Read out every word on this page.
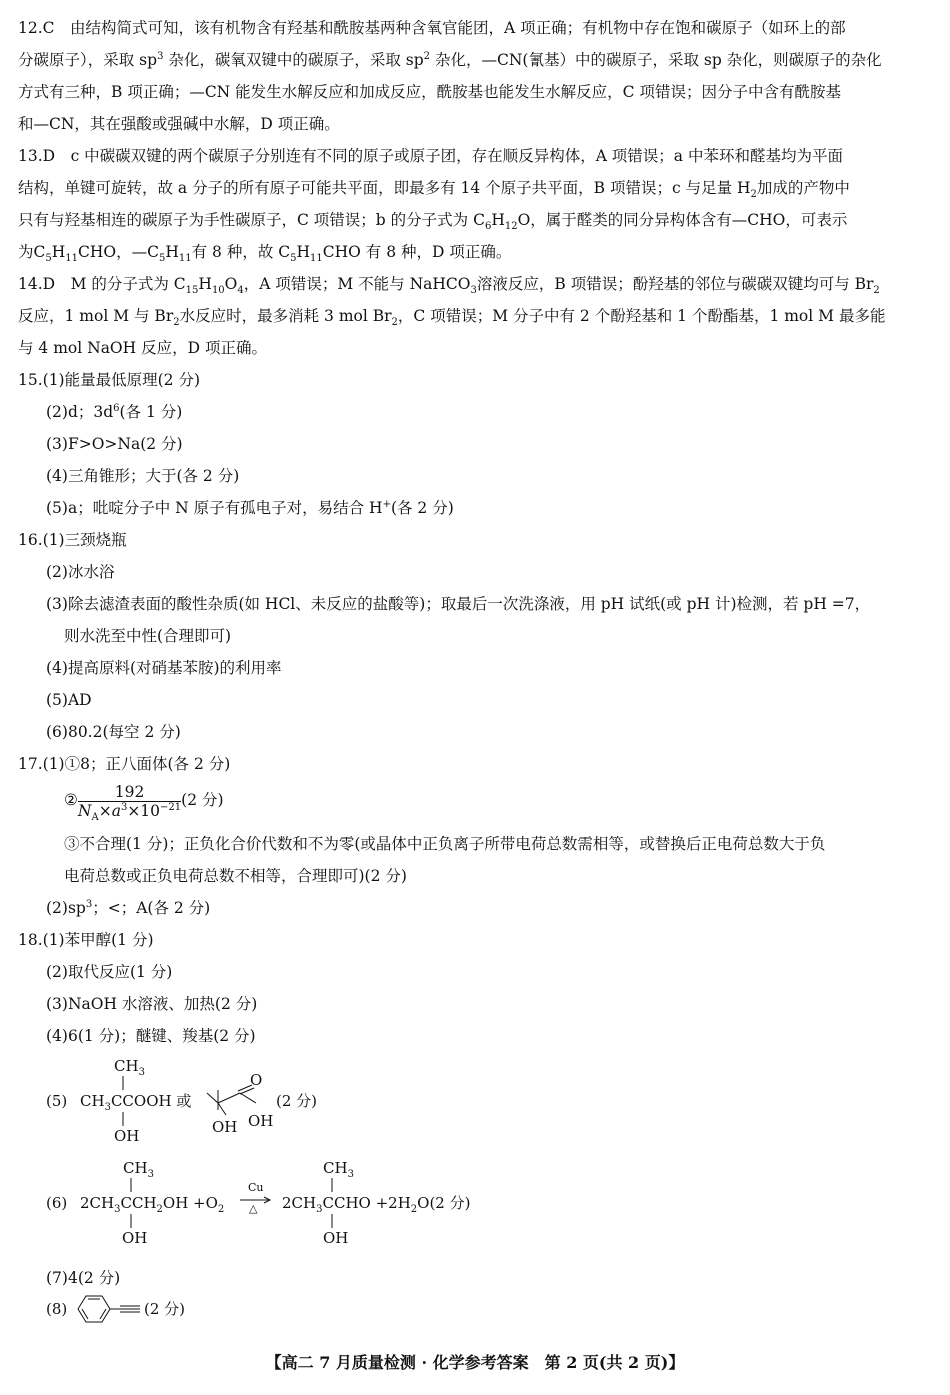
12.C　由结构简式可知，该有机物含有羟基和酰胺基两种含氧官能团，A 项正确；有机物中存在饱和碳原子（如环上的部
分碳原子），采取 $sp^3$ 杂化，碳氧双键中的碳原子，采取 $sp^2$ 杂化，—CN(氰基）中的碳原子，采取 sp 杂化，则碳原子的杂化
方式有三种，B 项正确；—CN 能发生水解反应和加成反应，酰胺基也能发生水解反应，C 项错误；因分子中含有酰胺基
和—CN，其在强酸或强碱中水解，D 项正确。
13.D　c 中碳碳双键的两个碳原子分别连有不同的原子或原子团，存在顺反异构体，A 项错误；a 中苯环和醛基均为平面
结构，单键可旋转，故 a 分子的所有原子可能共平面，即最多有 14 个原子共平面，B 项错误；c 与足量 $H_2$加成的产物中
只有与羟基相连的碳原子为手性碳原子，C 项错误；b 的分子式为 $C_6H_{12}O$，属于醛类的同分异构体含有—CHO，可表示
为$C_5H_{11}CHO$，$—C_5H_{11}$有 8 种，故 $C_5H_{11}CHO$ 有 8 种，D 项正确。
14.D　M 的分子式为 $C_{15}H_{10}O_4$，A 项错误；M 不能与 NaHCO$_3$溶液反应，B 项错误；酚羟基的邻位与碳碳双键均可与 $Br_2$
反应，1 mol M 与 $Br_2$水反应时，最多消耗 3 mol $Br_2$，C 项错误；M 分子中有 2 个酚羟基和 1 个酚酯基，1 mol M 最多能
与 4 mol NaOH 反应，D 项正确。
15.(1)能量最低原理(2 分)
(2)d；$3d^6$(各 1 分)
(3)F>O>Na(2 分)
(4)三角锥形；大于(各 2 分)
(5)a；吡啶分子中 N 原子有孤电子对，易结合 H+(各 2 分)
16.(1)三颈烧瓶
(2)冰水浴
(3)除去滤渣表面的酸性杂质(如 HCl、未反应的盐酸等)；取最后一次洗涤液，用 pH 试纸(或 pH 计)检测，若 pH =7，
则水洗至中性(合理即可)
(4)提高原料(对硝基苯胺)的利用率
(5)AD
(6)80.2(每空 2 分)
17.(1)①8；正八面体(各 2 分)
② $\frac{192}{N_A\times a^3\times 10^{-21}} (2$ 分)
③不合理(1 分)；正负化合价代数和不为零(或晶体中正负离子所带电荷总数需相等，或替换后正电荷总数大于负
电荷总数或正负电荷总数不相等，合理即可)(2 分)
$(2)sp^3$；<；A(各 2 分)
18.(1)苯甲醇(1 分)
(2)取代反应(1 分)
(3)NaOH 水溶液、加热(2 分)
(4)6(1 分)；醚键、羧基(2 分)
(5)
$CH_3$
$CH_3CCOOH$ 或
OH
O
OH
OH
(2 分)
(6)
$CH_3$
$2CH_3CCH_2OH +O_2$
Cu
△ $2CH_3CCHO +2H_2O(2$ 分)
OH
$CH_3$
OH
(7)4(2 分)
(8)	(2 分)
【高二 7 月质量检测 · 化学参考答案　第 2 页(共 2 页)】
